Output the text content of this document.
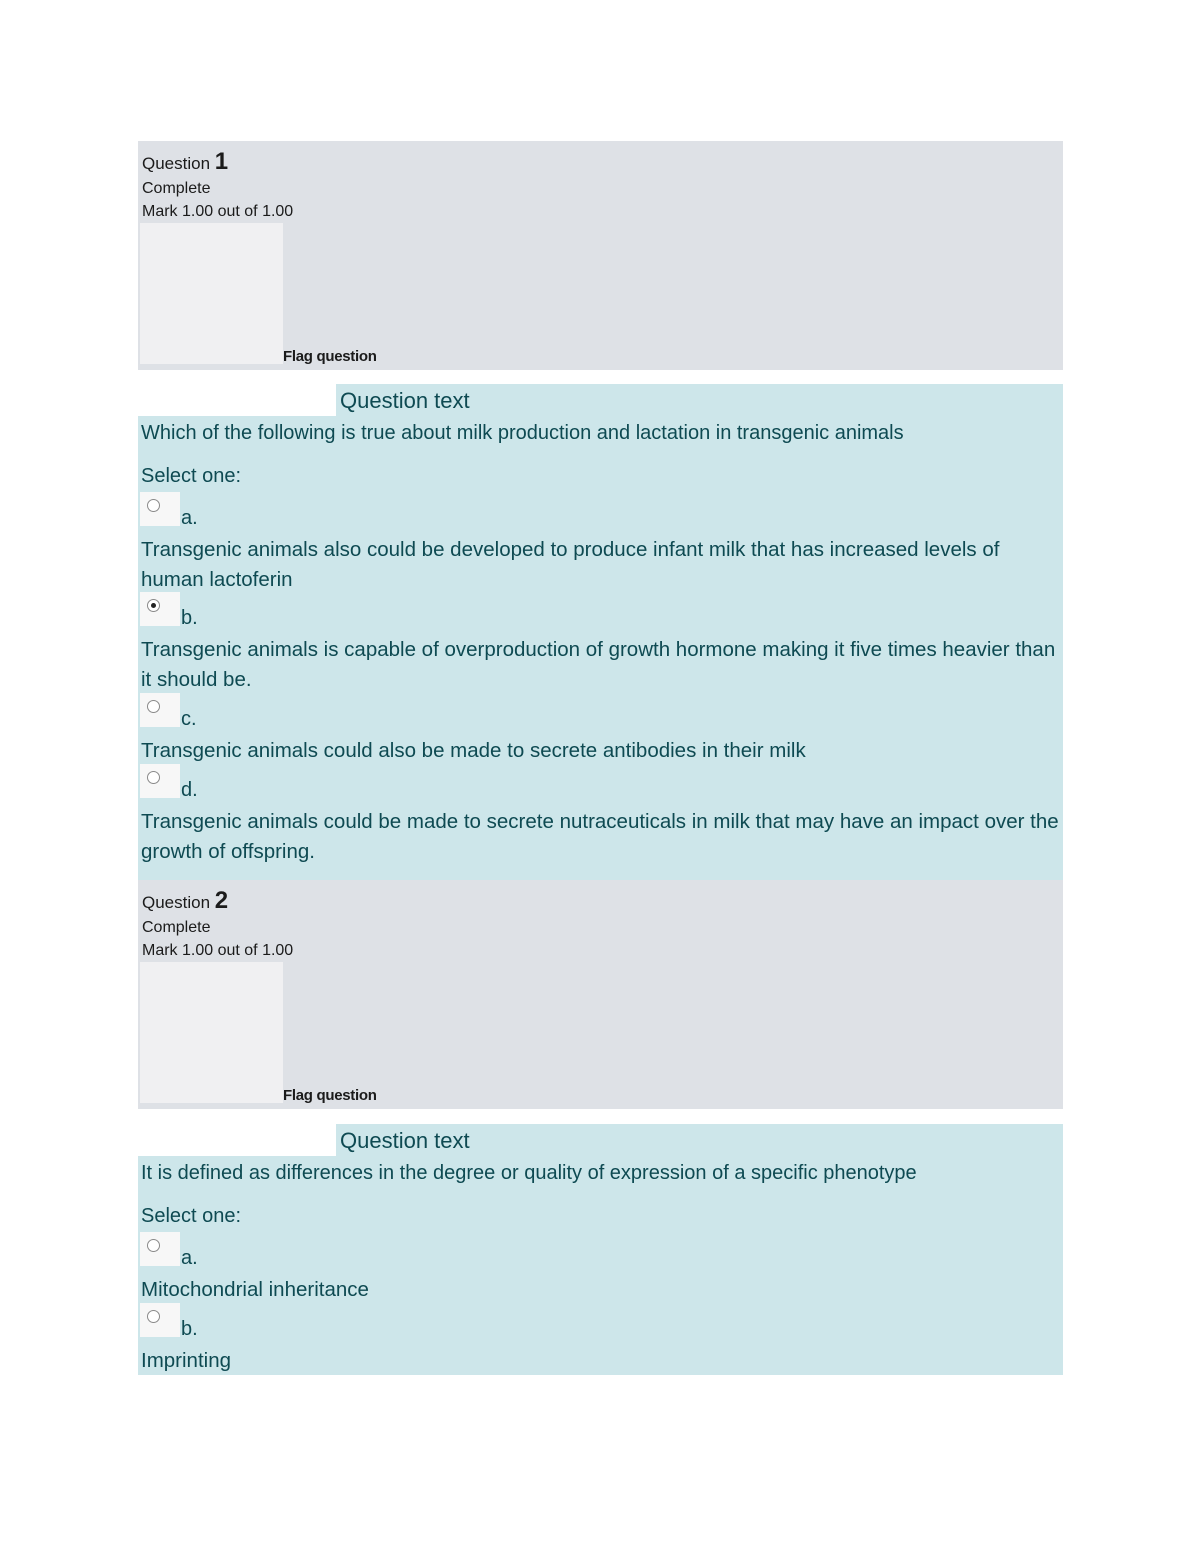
Question 1
Complete
Mark 1.00 out of 1.00
Flag question
Question text
Which of the following is true about milk production and lactation in transgenic animals
Select one:
a.
Transgenic animals also could be developed to produce infant milk that has increased levels of human lactoferin
b.
Transgenic animals is capable of overproduction of growth hormone making it five times heavier than it should be.
c.
Transgenic animals could also be made to secrete antibodies in their milk
d.
Transgenic animals could be made to secrete nutraceuticals in milk that may have an impact over the growth of offspring.
Question 2
Complete
Mark 1.00 out of 1.00
Flag question
Question text
It is defined as differences in the degree or quality of expression of a specific phenotype
Select one:
a.
Mitochondrial inheritance
b.
Imprinting
